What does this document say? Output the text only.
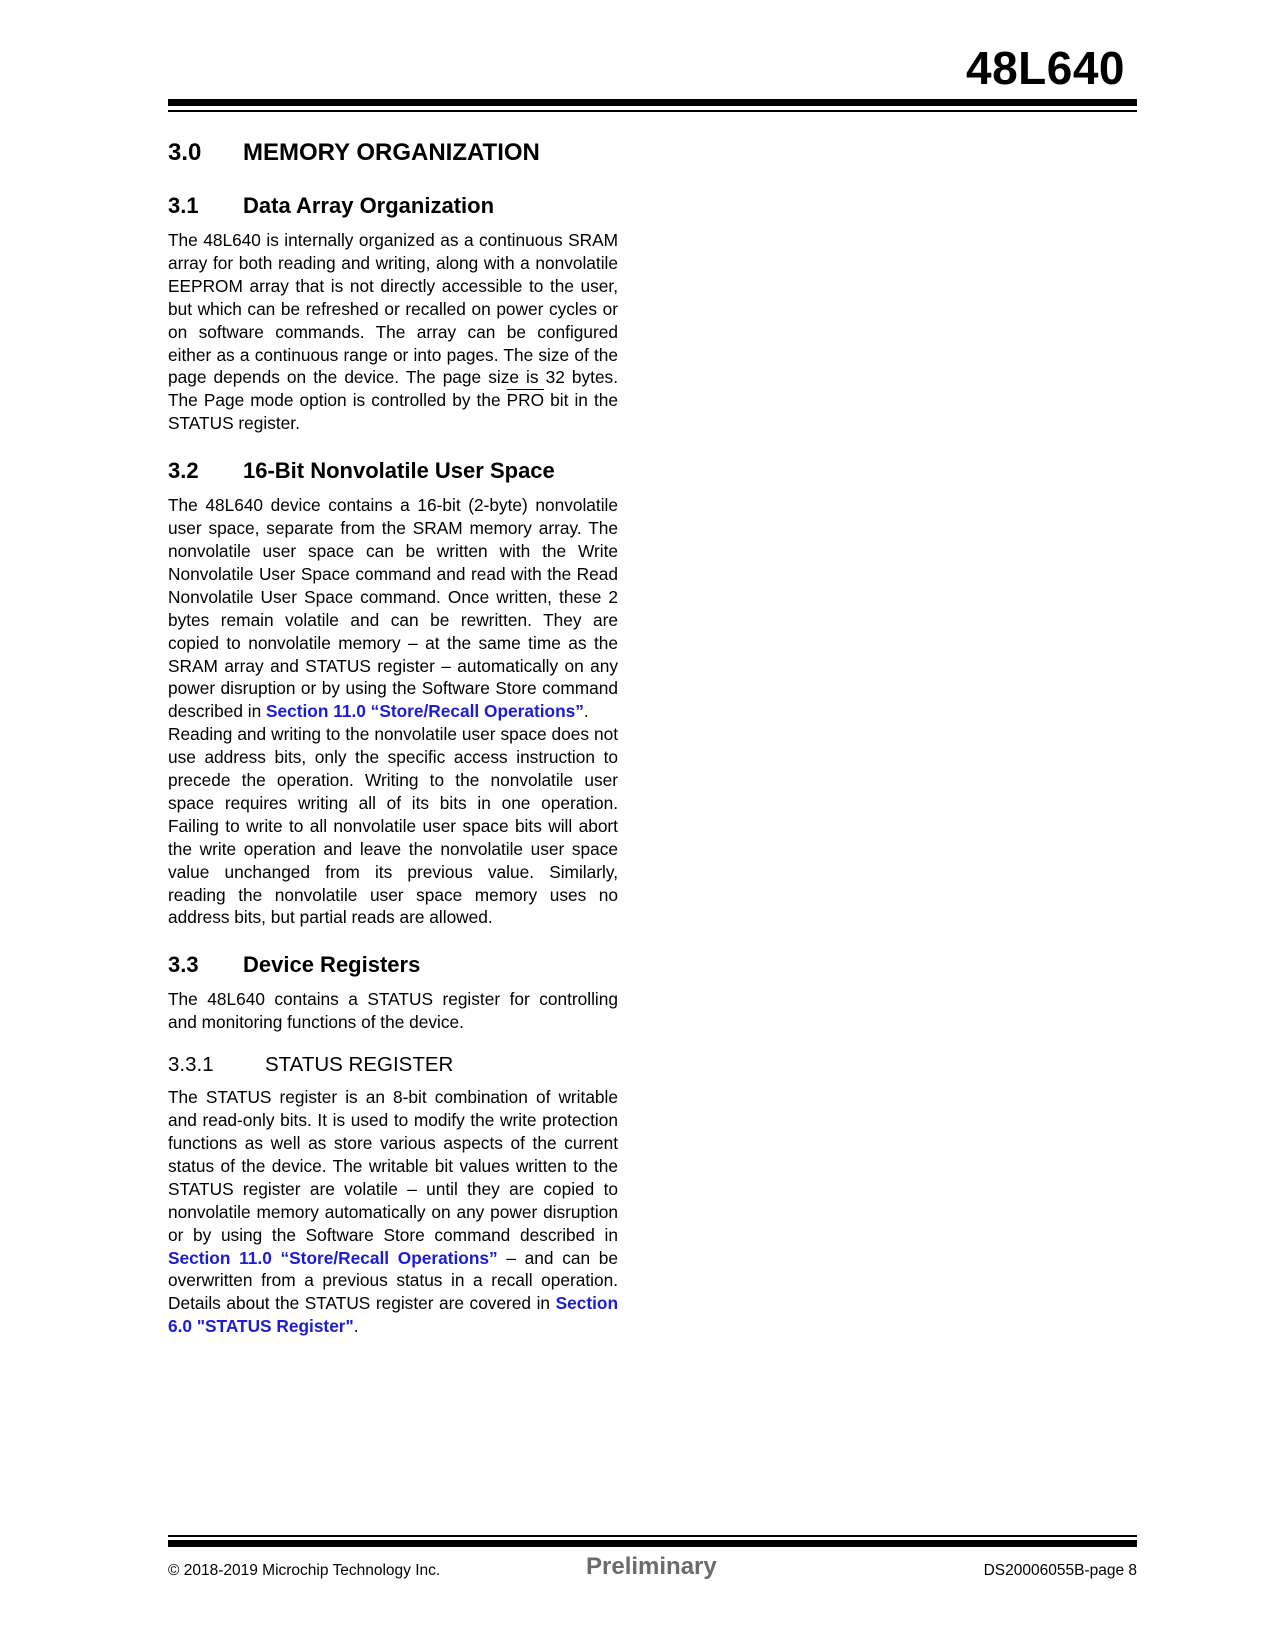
48L640
3.0 MEMORY ORGANIZATION
3.1 Data Array Organization

The 48L640 is internally organized as a continuous SRAM array for both reading and writing, along with a nonvolatile EEPROM array that is not directly accessible to the user, but which can be refreshed or recalled on power cycles or on software commands. The array can be configured either as a continuous range or into pages. The size of the page depends on the device. The page size is 32 bytes. The Page mode option is controlled by the $\overline{PRO}$ bit in the STATUS register.

3.2 16-Bit Nonvolatile User Space

The 48L640 device contains a 16-bit (2-byte) nonvolatile user space, separate from the SRAM memory array. The nonvolatile user space can be written with the Write Nonvolatile User Space command and read with the Read Nonvolatile User Space command. Once written, these 2 bytes remain volatile and can be rewritten. They are copied to nonvolatile memory – at the same time as the SRAM array and STATUS register – automatically on any power disruption or by using the Software Store command described in Section 11.0 “Store/Recall Operations”.

Reading and writing to the nonvolatile user space does not use address bits, only the specific access instruction to precede the operation. Writing to the nonvolatile user space requires writing all of its bits in one operation. Failing to write to all nonvolatile user space bits will abort the write operation and leave the nonvolatile user space value unchanged from its previous value. Similarly, reading the nonvolatile user space memory uses no address bits, but partial reads are allowed.

3.3 Device Registers

The 48L640 contains a STATUS register for controlling and monitoring functions of the device.

3.3.1	STATUS REGISTER

The STATUS register is an 8-bit combination of writable and read-only bits. It is used to modify the write protection functions as well as store various aspects of the current status of the device. The writable bit values written to the STATUS register are volatile – until they are copied to nonvolatile memory automatically on any power disruption or by using the Software Store command described in Section 11.0 “Store/Recall Operations” – and can be overwritten from a previous status in a recall operation. Details about the STATUS register are covered in Section 6.0 "STATUS Register".

© 2018-2019 Microchip Technology Inc.	Preliminary	DS20006055B-page 8
